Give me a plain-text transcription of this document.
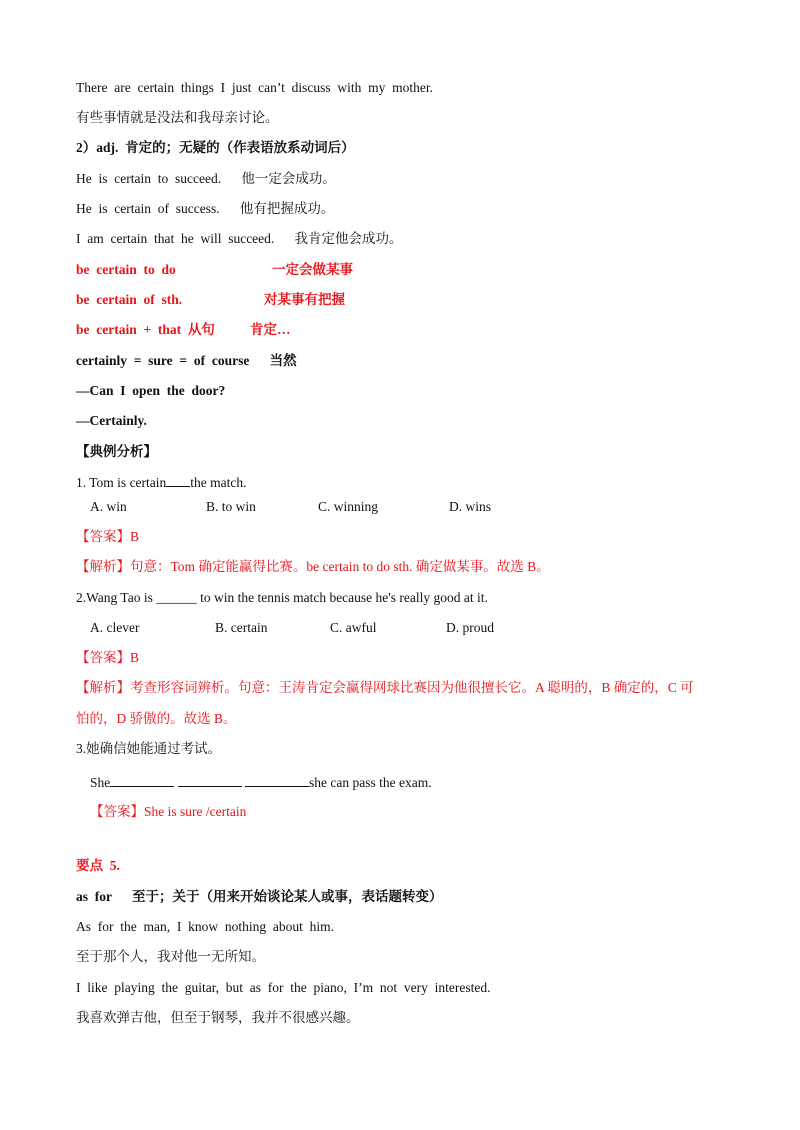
There  are  certain  things  I  just  can’t  discuss  with  my  mother.
有些事情就是没法和我母亲讨论。
2）adj.  肯定的；无疑的（作表语放系动词后）
He  is  certain  to  succeed.      他一定会成功。
He  is  certain  of  success.      他有把握成功。
I  am  certain  that  he  will  succeed.      我肯定他会成功。
be  certain  to  do	一定会做某事
be  certain  of  sth.	对某事有把握
be  certain  +  that  从句	肯定…
certainly  =  sure  =  of  course      当然
—Can  I  open  the  door?
—Certainly.
【典例分析】
1. Tom is certain the match.
A. win	B. to win	C. winning	D. wins
【答案】B
【解析】句意：Tom 确定能赢得比赛。be certain to do sth. 确定做某事。故选 B。
2.Wang Tao is ______ to win the tennis match because he's really good at it.
A. clever	B. certain	C. awful	D. proud
【答案】B
【解析】考查形容词辨析。句意：王涛肯定会赢得网球比赛因为他很擅长它。A 聪明的，B 确定的，C 可
怕的，D 骄傲的。故选 B。
3.她确信她能通过考试。
She	she can pass the exam.
【答案】She is sure /certain
要点  5.
as  for      至于；关于（用来开始谈论某人或事，表话题转变）
As  for  the  man,  I  know  nothing  about  him.
至于那个人，我对他一无所知。
I  like  playing  the  guitar,  but  as  for  the  piano,  I’m  not  very  interested.
我喜欢弹吉他，但至于钢琴，我并不很感兴趣。
